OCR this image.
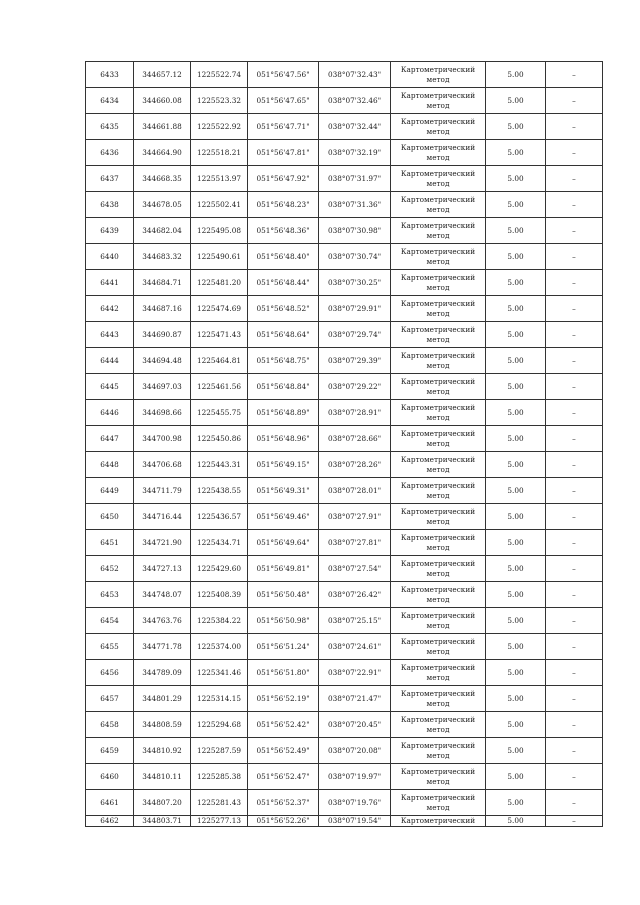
6433	344657.12	1225522.74	051°56'47.56"	038°07'32.43"	Картометрический метод	5.00	–
6434	344660.08	1225523.32	051°56'47.65"	038°07'32.46"	Картометрический метод	5.00	–
6435	344661.88	1225522.92	051°56'47.71"	038°07'32.44"	Картометрический метод	5.00	–
6436	344664.90	1225518.21	051°56'47.81"	038°07'32.19"	Картометрический метод	5.00	–
6437	344668.35	1225513.97	051°56'47.92"	038°07'31.97"	Картометрический метод	5.00	–
6438	344678.05	1225502.41	051°56'48.23"	038°07'31.36"	Картометрический метод	5.00	–
6439	344682.04	1225495.08	051°56'48.36"	038°07'30.98"	Картометрический метод	5.00	–
6440	344683.32	1225490.61	051°56'48.40"	038°07'30.74"	Картометрический метод	5.00	–
6441	344684.71	1225481.20	051°56'48.44"	038°07'30.25"	Картометрический метод	5.00	–
6442	344687.16	1225474.69	051°56'48.52"	038°07'29.91"	Картометрический метод	5.00	–
6443	344690.87	1225471.43	051°56'48.64"	038°07'29.74"	Картометрический метод	5.00	–
6444	344694.48	1225464.81	051°56'48.75"	038°07'29.39"	Картометрический метод	5.00	–
6445	344697.03	1225461.56	051°56'48.84"	038°07'29.22"	Картометрический метод	5.00	–
6446	344698.66	1225455.75	051°56'48.89"	038°07'28.91"	Картометрический метод	5.00	–
6447	344700.98	1225450.86	051°56'48.96"	038°07'28.66"	Картометрический метод	5.00	–
6448	344706.68	1225443.31	051°56'49.15"	038°07'28.26"	Картометрический метод	5.00	–
6449	344711.79	1225438.55	051°56'49.31"	038°07'28.01"	Картометрический метод	5.00	–
6450	344716.44	1225436.57	051°56'49.46"	038°07'27.91"	Картометрический метод	5.00	–
6451	344721.90	1225434.71	051°56'49.64"	038°07'27.81"	Картометрический метод	5.00	–
6452	344727.13	1225429.60	051°56'49.81"	038°07'27.54"	Картометрический метод	5.00	–
6453	344748.07	1225408.39	051°56'50.48"	038°07'26.42"	Картометрический метод	5.00	–
6454	344763.76	1225384.22	051°56'50.98"	038°07'25.15"	Картометрический метод	5.00	–
6455	344771.78	1225374.00	051°56'51.24"	038°07'24.61"	Картометрический метод	5.00	–
6456	344789.09	1225341.46	051°56'51.80"	038°07'22.91"	Картометрический метод	5.00	–
6457	344801.29	1225314.15	051°56'52.19"	038°07'21.47"	Картометрический метод	5.00	–
6458	344808.59	1225294.68	051°56'52.42"	038°07'20.45"	Картометрический метод	5.00	–
6459	344810.92	1225287.59	051°56'52.49"	038°07'20.08"	Картометрический метод	5.00	–
6460	344810.11	1225285.38	051°56'52.47"	038°07'19.97"	Картометрический метод	5.00	–
6461	344807.20	1225281.43	051°56'52.37"	038°07'19.76"	Картометрический метод	5.00	–
6462	344803.71	1225277.13	051°56'52.26"	038°07'19.54"	Картометрический	5.00	–
